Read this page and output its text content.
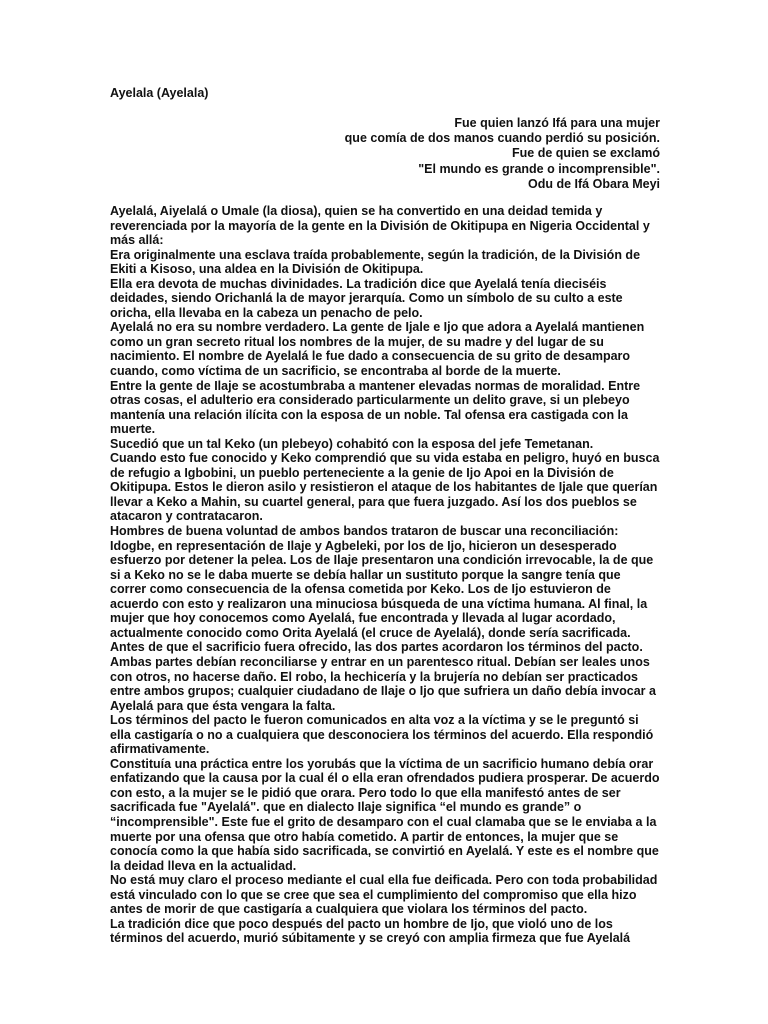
Ayelala (Ayelala)
Fue quien lanzó Ifá para una mujer
que comía de dos manos cuando perdió su posición.
Fue de quien se exclamó
"El mundo es grande o incomprensible".
Odu de Ifá Obara Meyi

Ayelalá, Aiyelalá o Umale (la diosa), quien se ha convertido en una deidad temida y reverenciada por la mayoría de la gente en la División de Okitipupa en Nigeria Occidental y más allá:

Era originalmente una esclava traída probablemente, según la tradición, de la División de Ekiti a Kisoso, una aldea en la División de Okitipupa.

Ella era devota de muchas divinidades. La tradición dice que Ayelalá tenía dieciséis deidades, siendo Orichanlá la de mayor jerarquía. Como un símbolo de su culto a este oricha, ella llevaba en la cabeza un penacho de pelo.

Ayelalá no era su nombre verdadero. La gente de Ijale e Ijo que adora a Ayelalá mantienen como un gran secreto ritual los nombres de la mujer, de su madre y del lugar de su nacimiento. El nombre de Ayelalá le fue dado a consecuencia de su grito de desamparo cuando, como víctima de un sacrificio, se encontraba al borde de la muerte.

Entre la gente de Ilaje se acostumbraba a mantener elevadas normas de moralidad. Entre otras cosas, el adulterio era considerado particularmente un delito grave, si un plebeyo mantenía una relación ilícita con la esposa de un noble. Tal ofensa era castigada con la muerte.

Sucedió que un tal Keko (un plebeyo) cohabitó con la esposa del jefe Temetanan.

Cuando esto fue conocido y Keko comprendió que su vida estaba en peligro, huyó en busca de refugio a Igbobini, un pueblo perteneciente a la genie de Ijo Apoi en la División de Okitipupa. Estos le dieron asilo y resistieron el ataque de los habitantes de Ijale que querían llevar a Keko a Mahin, su cuartel general, para que fuera juzgado. Así los dos pueblos se atacaron y contratacaron.

Hombres de buena voluntad de ambos bandos trataron de buscar una reconciliación: Idogbe, en representación de Ilaje y Agbeleki, por los de Ijo, hicieron un desesperado esfuerzo por detener la pelea. Los de Ilaje presentaron una condición irrevocable, la de que si a Keko no se le daba muerte se debía hallar un sustituto porque la sangre tenía que correr como consecuencia de la ofensa cometida por Keko. Los de Ijo estuvieron de acuerdo con esto y realizaron una minuciosa búsqueda de una víctima humana. Al final, la mujer que hoy conocemos como Ayelalá, fue encontrada y llevada al lugar acordado, actualmente conocido como Orita Ayelalá (el cruce de Ayelalá), donde sería sacrificada.

Antes de que el sacrificio fuera ofrecido, las dos partes acordaron los términos del pacto. Ambas partes debían reconciliarse y entrar en un parentesco ritual. Debían ser leales unos con otros, no hacerse daño. El robo, la hechicería y la brujería no debían ser practicados entre ambos grupos; cualquier ciudadano de Ilaje o Ijo que sufriera un daño debía invocar a Ayelalá para que ésta vengara la falta.

Los términos del pacto le fueron comunicados en alta voz a la víctima y se le preguntó si ella castigaría o no a cualquiera que desconociera los términos del acuerdo. Ella respondió afirmativamente.

Constituía una práctica entre los yorubás que la víctima de un sacrificio humano debía orar enfatizando que la causa por la cual él o ella eran ofrendados pudiera prosperar. De acuerdo con esto, a la mujer se le pidió que orara. Pero todo lo que ella manifestó antes de ser sacrificada fue "Ayelalá". que en dialecto Ilaje significa “el mundo es grande” o “incomprensible". Este fue el grito de desamparo con el cual clamaba que se le enviaba a la muerte por una ofensa que otro había cometido. A partir de entonces, la mujer que se conocía como la que había sido sacrificada, se convirtió en Ayelalá. Y este es el nombre que la deidad lleva en la actualidad.

No está muy claro el proceso mediante el cual ella fue deificada. Pero con toda probabilidad está vinculado con lo que se cree que sea el cumplimiento del compromiso que ella hizo antes de morir de que castigaría a cualquiera que violara los términos del pacto.

La tradición dice que poco después del pacto un hombre de Ijo, que violó uno de los términos del acuerdo, murió súbitamente y se creyó con amplia firmeza que fue Ayelalá
